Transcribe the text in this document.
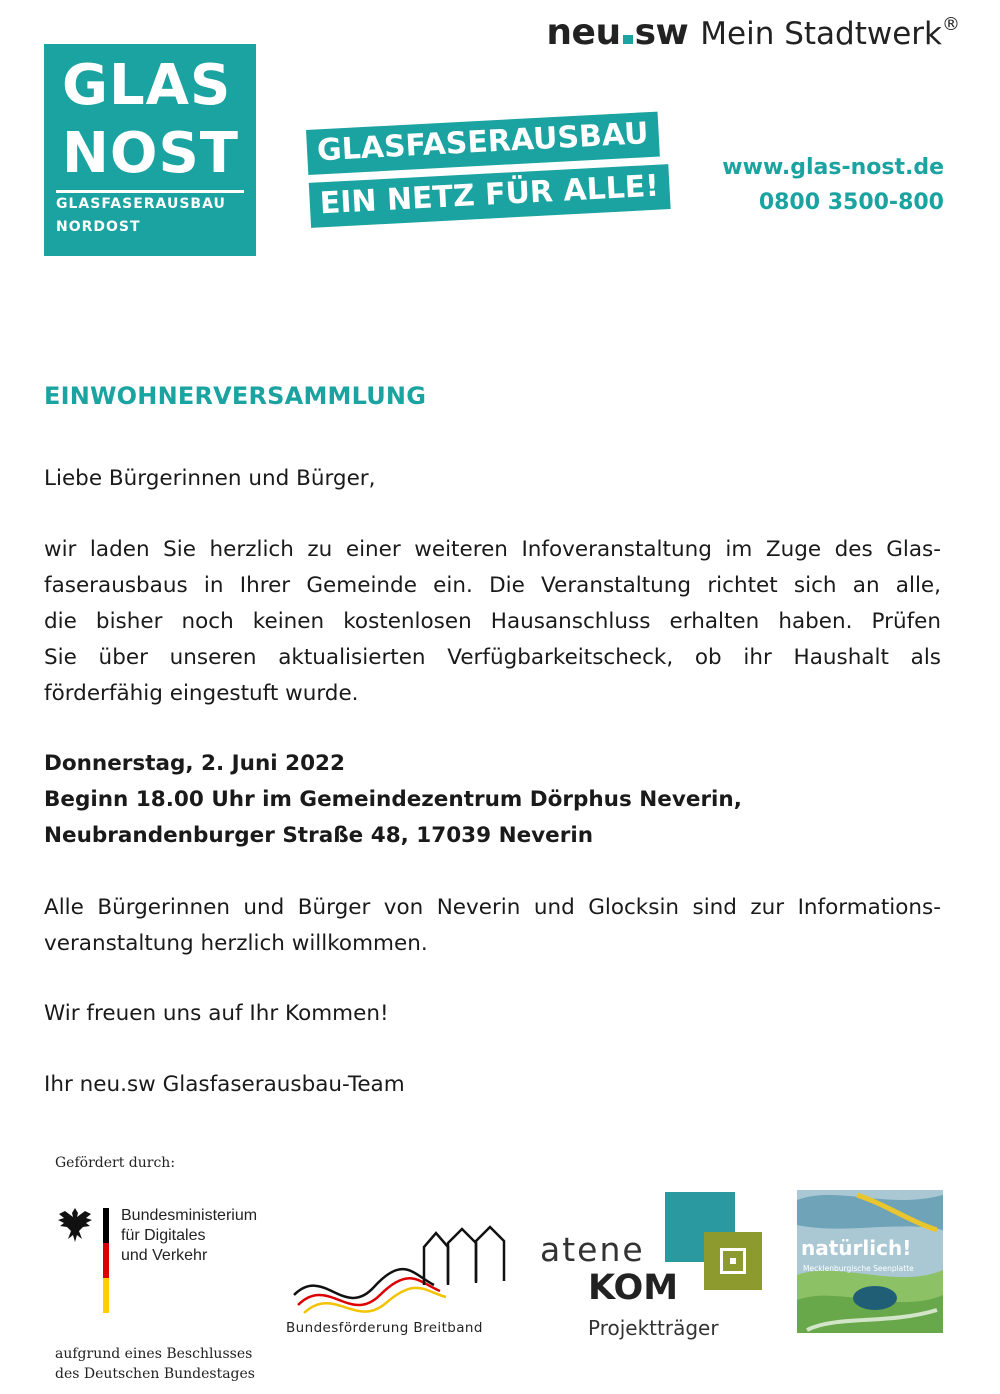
neu sw Mein Stadtwerk®
GLAS
NOST
GLASFASERAUSBAU
NORDOST
GLASFASERAUSBAU
EIN NETZ FÜR ALLE!
www.glas-nost.de
0800 3500-800
EINWOHNERVERSAMMLUNG
Liebe Bürgerinnen und Bürger,
wir laden Sie herzlich zu einer weiteren Infoveranstaltung im Zuge des Glas-
faserausbaus in Ihrer Gemeinde ein. Die Veranstaltung richtet sich an alle,
die bisher noch keinen kostenlosen Hausanschluss erhalten haben. Prüfen
Sie über unseren aktualisierten Verfügbarkeitscheck, ob ihr Haushalt als
förderfähig eingestuft wurde.
Donnerstag, 2. Juni 2022
Beginn 18.00 Uhr im Gemeindezentrum Dörphus Neverin,
Neubrandenburger Straße 48, 17039 Neverin
Alle Bürgerinnen und Bürger von Neverin und Glocksin sind zur Informations-
veranstaltung herzlich willkommen.
Wir freuen uns auf Ihr Kommen!
Ihr neu.sw Glasfaserausbau-Team
Gefördert durch:
Bundesministerium
für Digitales
und Verkehr
aufgrund eines Beschlusses
des Deutschen Bundestages
Bundesförderung Breitband
atene
KOM
Projektträger
natürlich!
Mecklenburgische Seenplatte
